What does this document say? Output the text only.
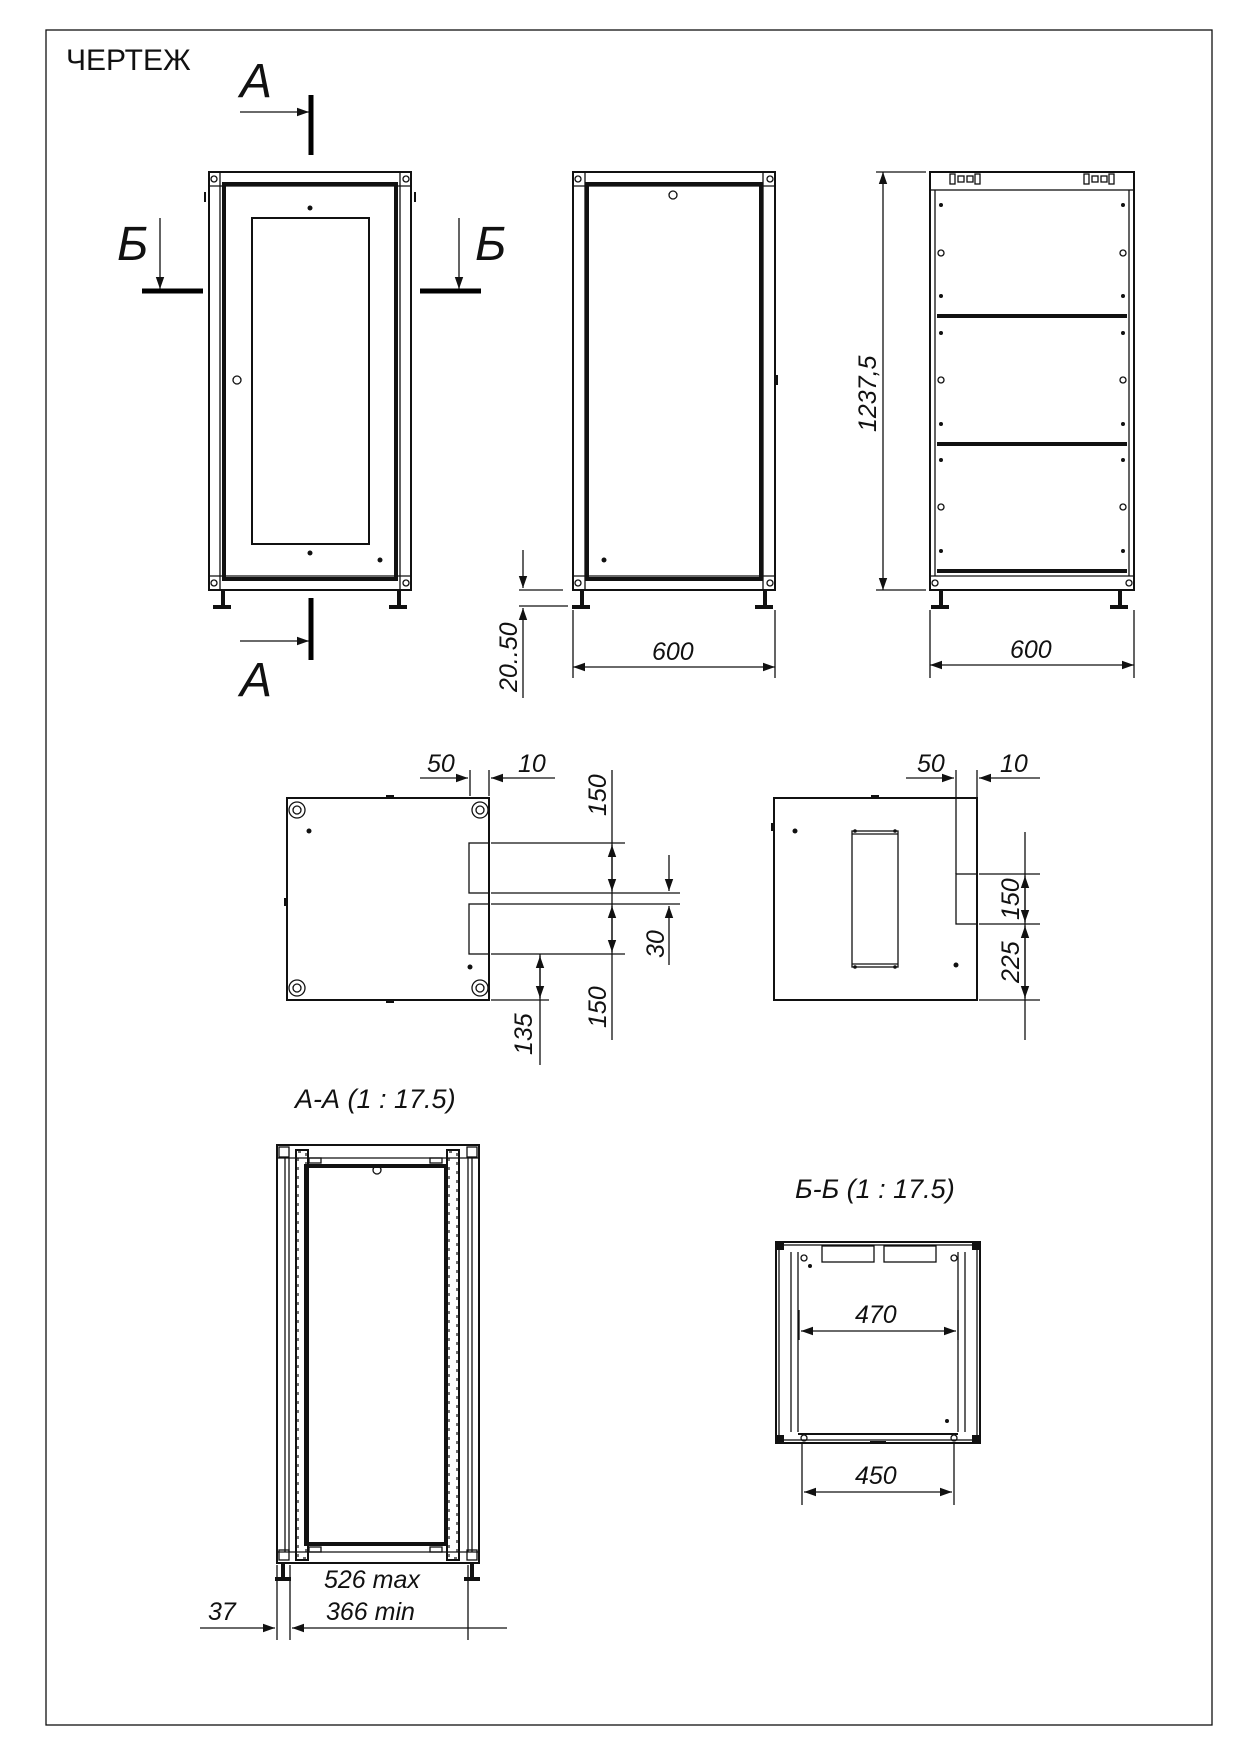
ЧЕРТЕЖ А
А
Б	Б
600
20..50
1237,5
600
50	10
150
150
30
135
50 10
150
225
А-А (1 : 17.5)
37
526 max
366 min
Б-Б (1 : 17.5)
470
450
